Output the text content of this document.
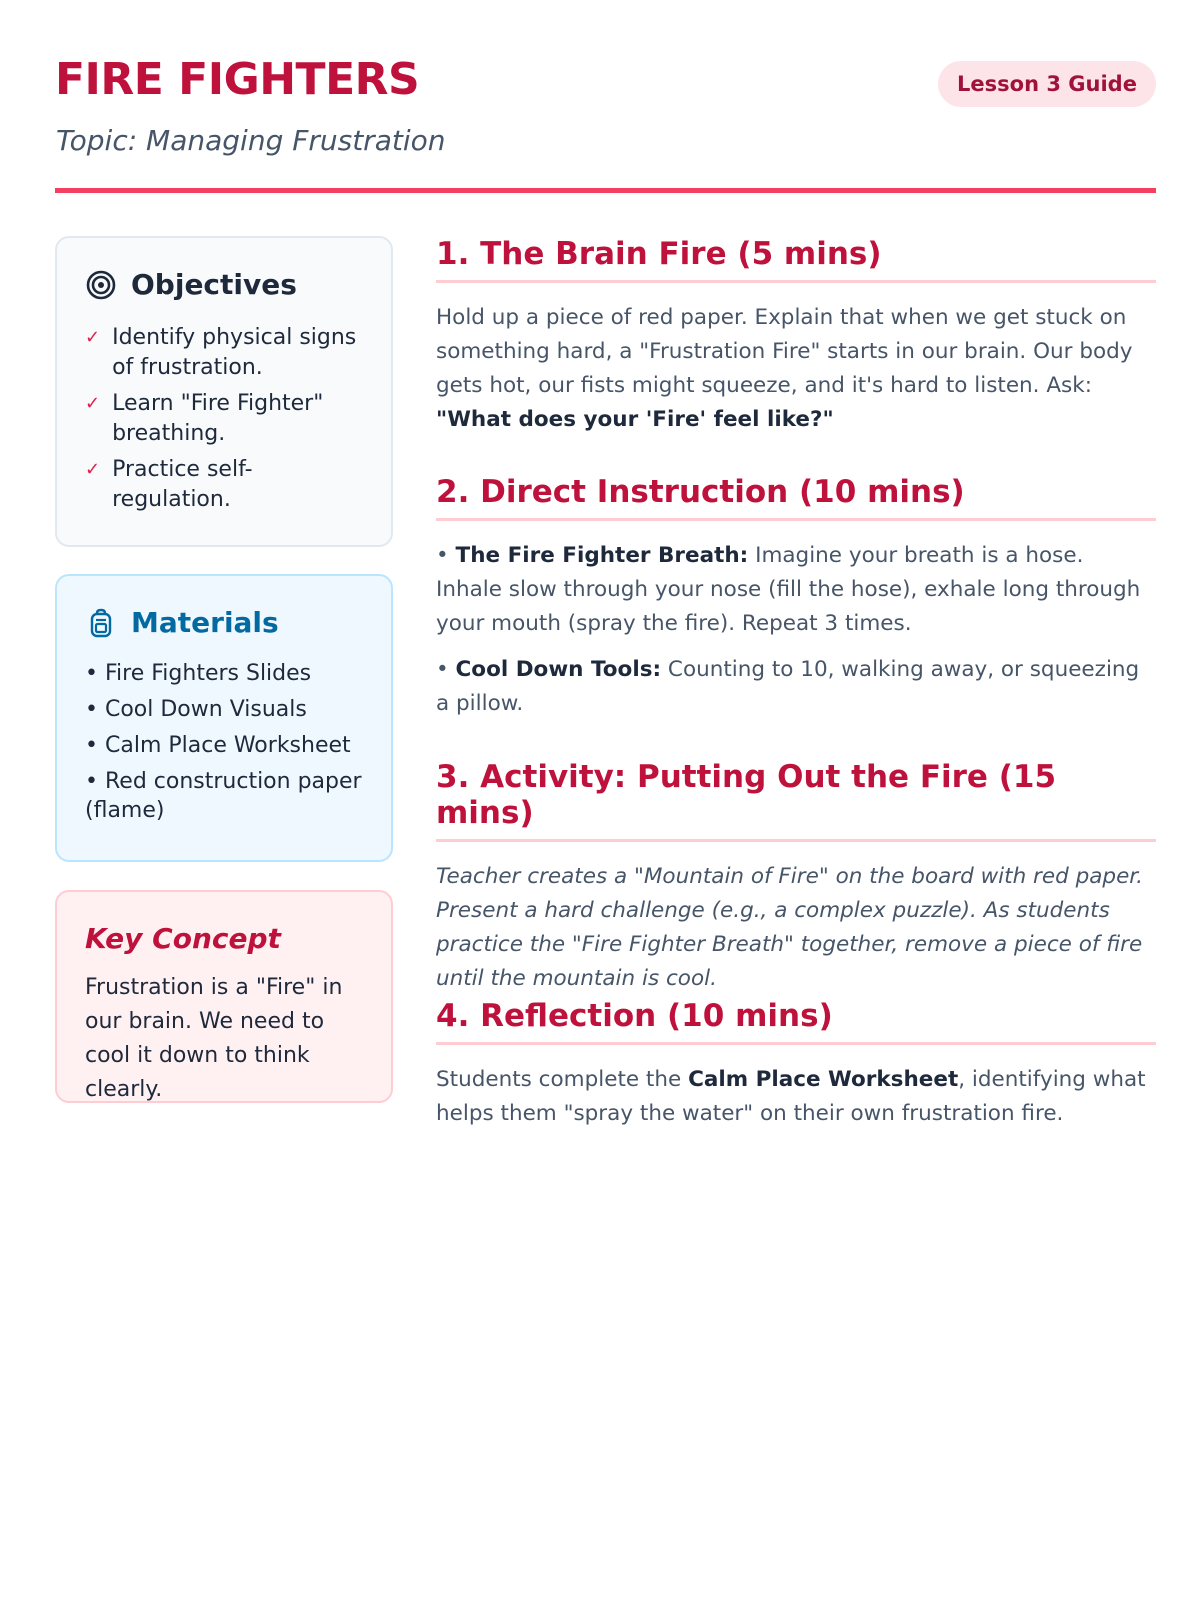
FIRE FIGHTERS	Lesson 3 Guide

Topic: Managing Frustration

Objectives
✓ Identify physical signs of frustration.
✓ Learn "Fire Fighter" breathing.
✓ Practice self-regulation.
Materials
• Fire Fighters Slides
• Cool Down Visuals
• Calm Place Worksheet
• Red construction paper (flame)
Key Concept

Frustration is a "Fire" in our brain. We need to cool it down to think clearly.

1. The Brain Fire (5 mins)

Hold up a piece of red paper. Explain that when we get stuck on something hard, a "Frustration Fire" starts in our brain. Our body gets hot, our fists might squeeze, and it's hard to listen. Ask: "What does your 'Fire' feel like?"

2. Direct Instruction (10 mins)

• The Fire Fighter Breath: Imagine your breath is a hose. Inhale slow through your nose (fill the hose), exhale long through your mouth (spray the fire). Repeat 3 times.

• Cool Down Tools: Counting to 10, walking away, or squeezing a pillow.

3. Activity: Putting Out the Fire (15 mins)

Teacher creates a "Mountain of Fire" on the board with red paper. Present a hard challenge (e.g., a complex puzzle). As students practice the "Fire Fighter Breath" together, remove a piece of fire until the mountain is cool.

4. Reflection (10 mins)

Students complete the Calm Place Worksheet, identifying what helps them "spray the water" on their own frustration fire.
